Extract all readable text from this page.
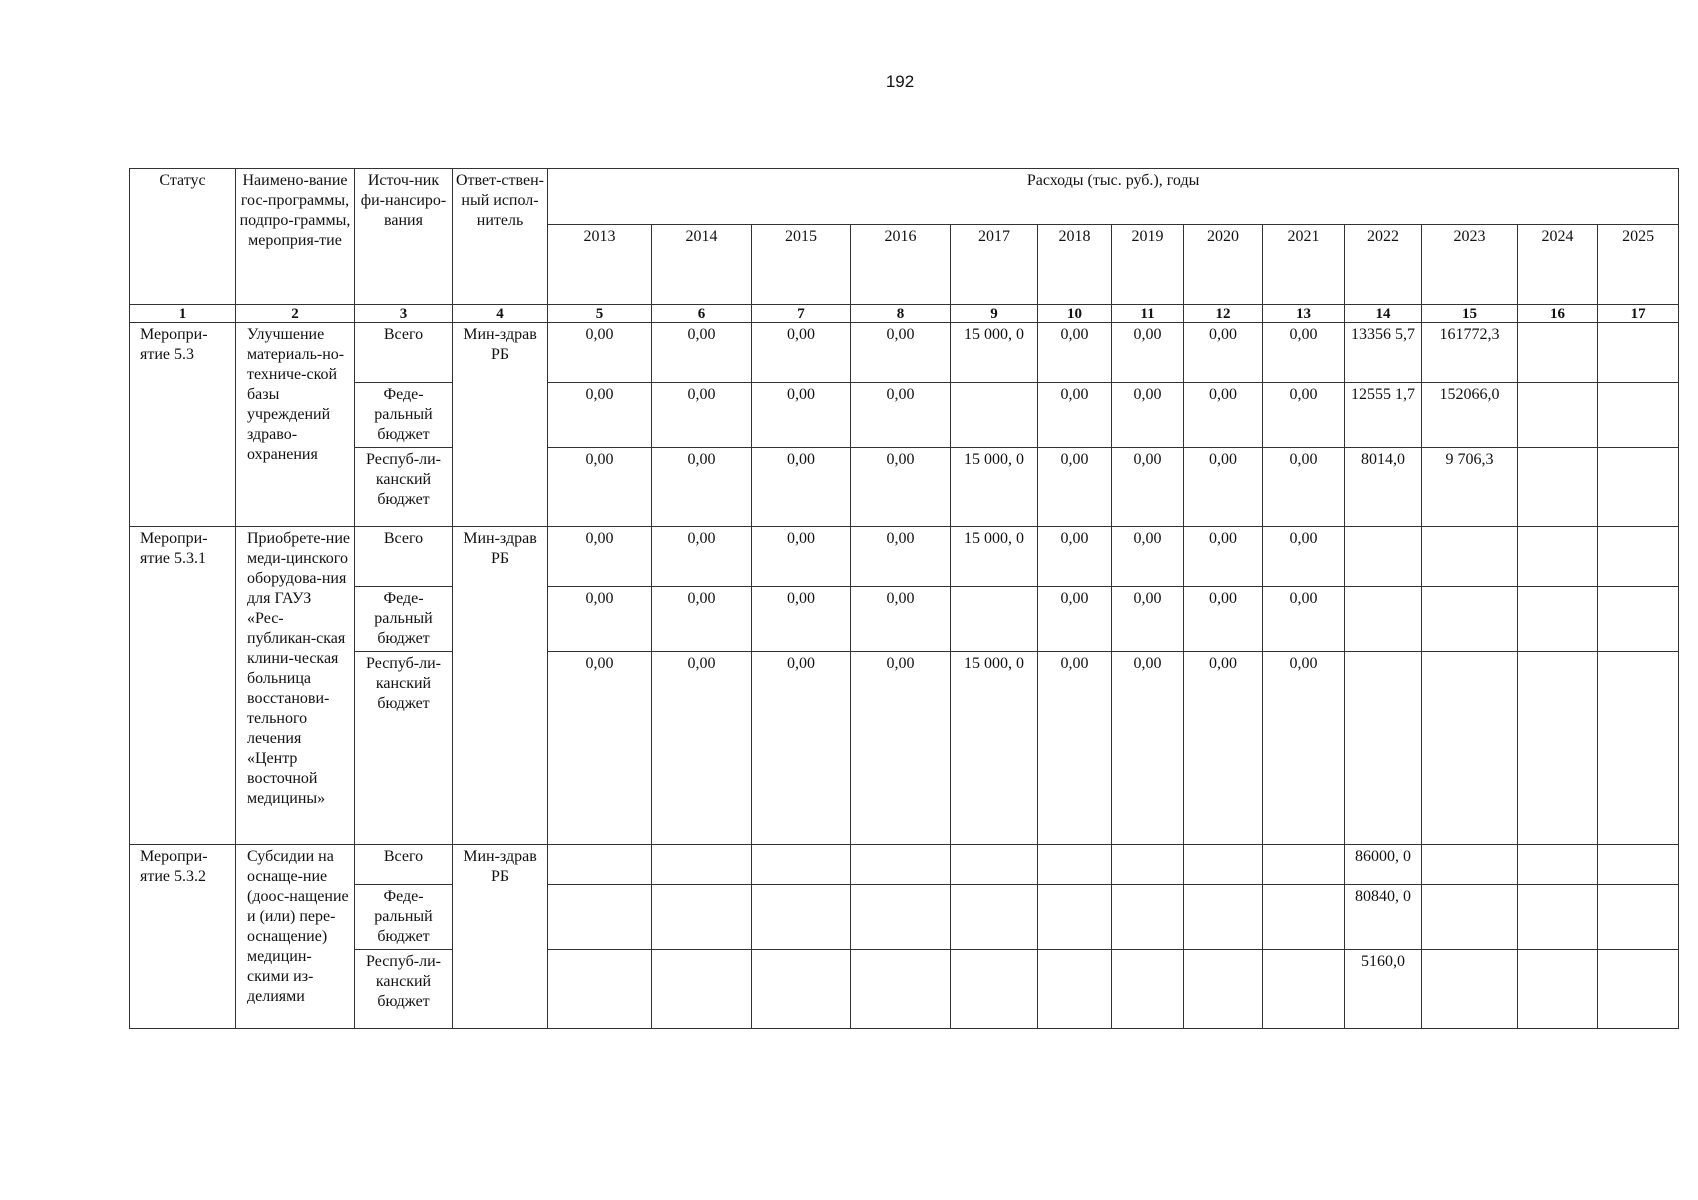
192
Статус	Наимено-вание гос-программы, подпро-граммы, мероприя-тие	Источ-ник фи-нансиро-вания	Ответ-ствен-ный испол-нитель	Расходы (тыс. руб.), годы												
				2013	2014	2015	2016	2017	2018	2019	2020	2021	2022	2023	2024	2025
1	2	3	4	5	6	7	8	9	10	11	12	13	14	15	16	17
Меропри-ятие 5.3	Улучшение материаль-но-техниче-ской базы учреждений здраво-охранения	Всего	Мин-здрав РБ	0,00	0,00	0,00	0,00	15 000, 0	0,00	0,00	0,00	0,00	13356 5,7	161772,3		
		Феде-ральный бюджет		0,00	0,00	0,00	0,00		0,00	0,00	0,00	0,00	12555 1,7	152066,0		
		Респуб-ли-канский бюджет		0,00	0,00	0,00	0,00	15 000, 0	0,00	0,00	0,00	0,00	8014,0	9 706,3		
Меропри-ятие 5.3.1	Приобрете-ние меди-цинского оборудова-ния для ГАУЗ «Рес-публикан-ская клини-ческая больница восстанови-тельного лечения «Центр восточной медицины»	Всего	Мин-здрав РБ	0,00	0,00	0,00	0,00	15 000, 0	0,00	0,00	0,00	0,00				
		Феде-ральный бюджет		0,00	0,00	0,00	0,00		0,00	0,00	0,00	0,00				
		Респуб-ли-канский бюджет		0,00	0,00	0,00	0,00	15 000, 0	0,00	0,00	0,00	0,00				
Меропри-ятие 5.3.2	Субсидии на оснаще-ние (доос-нащение и (или) пере-оснащение) медицин-скими из-делиями	Всего	Мин-здрав РБ										86000, 0			
		Феде-ральный бюджет											80840, 0			
		Респуб-ли-канский бюджет											5160,0			
